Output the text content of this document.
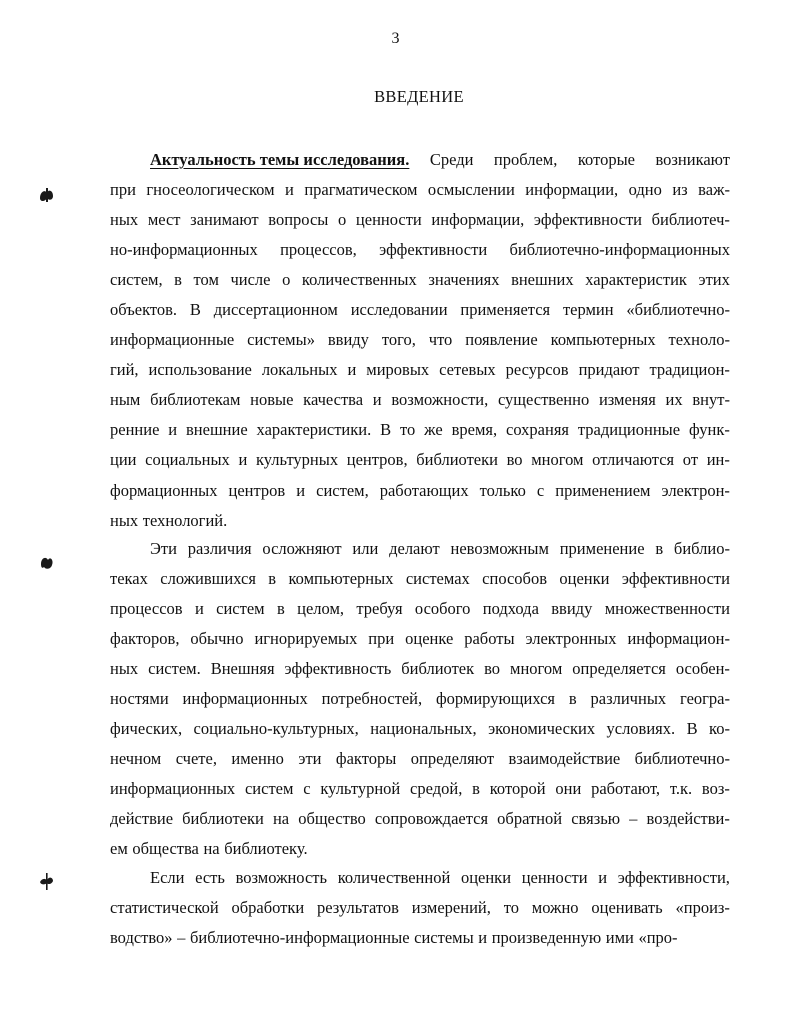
3
ВВЕДЕНИЕ
Актуальность темы исследования. Среди проблем, которые возникают
при гносеологическом и прагматическом осмыслении информации, одно из важ-
ных мест занимают вопросы о ценности информации, эффективности библиотеч-
но-информационных процессов, эффективности библиотечно-информационных
систем, в том числе о количественных значениях внешних характеристик этих
объектов. В диссертационном исследовании применяется термин «библиотечно-
информационные системы» ввиду того, что появление компьютерных техноло-
гий, использование локальных и мировых сетевых ресурсов придают традицион-
ным библиотекам новые качества и возможности, существенно изменяя их внут-
ренние и внешние характеристики. В то же время, сохраняя традиционные функ-
ции социальных и культурных центров, библиотеки во многом отличаются от ин-
формационных центров и систем, работающих только с применением электрон-
ных технологий.
Эти различия осложняют или делают невозможным применение в библио-
теках сложившихся в компьютерных системах способов оценки эффективности
процессов и систем в целом, требуя особого подхода ввиду множественности
факторов, обычно игнорируемых при оценке работы электронных информацион-
ных систем. Внешняя эффективность библиотек во многом определяется особен-
ностями информационных потребностей, формирующихся в различных геогра-
фических, социально-культурных, национальных, экономических условиях. В ко-
нечном счете, именно эти факторы определяют взаимодействие библиотечно-
информационных систем с культурной средой, в которой они работают, т.к. воз-
действие библиотеки на общество сопровождается обратной связью – воздействи-
ем общества на библиотеку.
Если есть возможность количественной оценки ценности и эффективности,
статистической обработки результатов измерений, то можно оценивать «произ-
водство» – библиотечно-информационные системы и произведенную ими «про-
